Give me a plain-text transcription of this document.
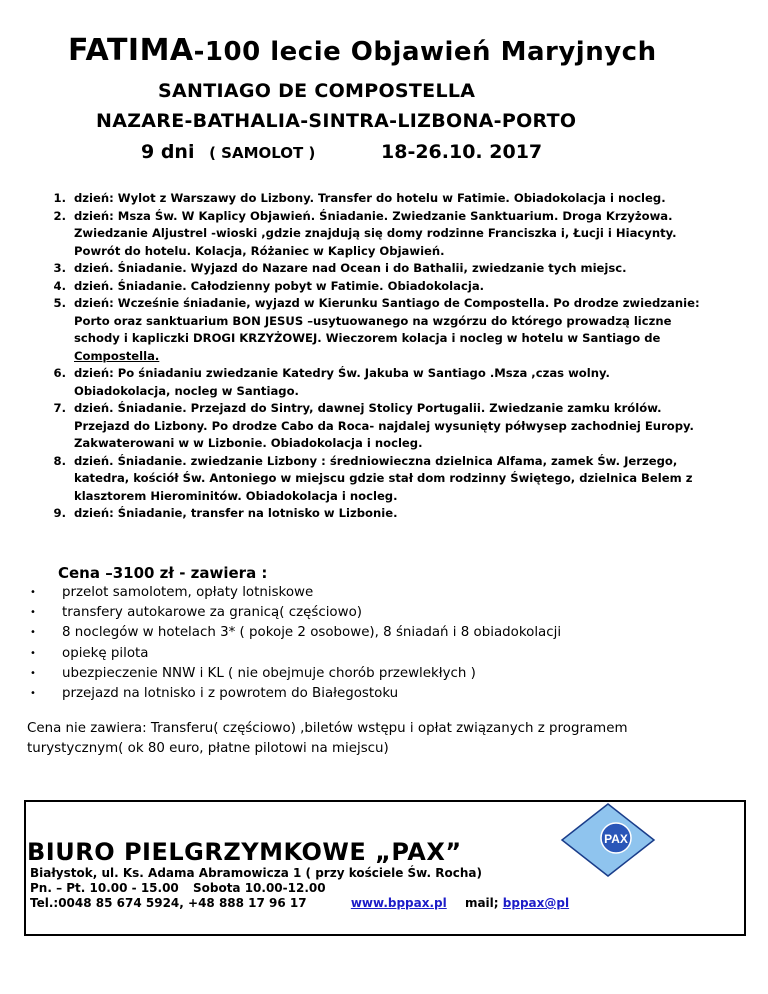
FATIMA-100 lecie Objawień Maryjnych
SANTIAGO DE COMPOSTELLA
NAZARE-BATHALIA-SINTRA-LIZBONA-PORTO
9 dni ( SAMOLOT )	18-26.10. 2017
1. dzień: Wylot z Warszawy do Lizbony. Transfer do hotelu w Fatimie. Obiadokolacja i nocleg.
2. dzień: Msza Św. W Kaplicy Objawień. Śniadanie. Zwiedzanie Sanktuarium. Droga Krzyżowa.
Zwiedzanie Aljustrel -wioski ,gdzie znajdują się domy rodzinne Franciszka i, Łucji i Hiacynty.
Powrót do hotelu. Kolacja, Różaniec w Kaplicy Objawień.
3. dzień. Śniadanie. Wyjazd do Nazare nad Ocean i do Bathalii, zwiedzanie tych miejsc.
4. dzień. Śniadanie. Całodzienny pobyt w Fatimie. Obiadokolacja.
5. dzień: Wcześnie śniadanie, wyjazd w Kierunku Santiago de Compostella. Po drodze zwiedzanie:
Porto oraz sanktuarium BON JESUS –usytuowanego na wzgórzu do którego prowadzą liczne
schody i kapliczki DROGI KRZYŻOWEJ. Wieczorem kolacja i nocleg w hotelu w Santiago de
Compostella.
6. dzień: Po śniadaniu zwiedzanie Katedry Św. Jakuba w Santiago .Msza ,czas wolny.
Obiadokolacja, nocleg w Santiago.
7. dzień. Śniadanie. Przejazd do Sintry, dawnej Stolicy Portugalii. Zwiedzanie zamku królów.
Przejazd do Lizbony. Po drodze Cabo da Roca- najdalej wysunięty półwysep zachodniej Europy.
Zakwaterowani w w Lizbonie. Obiadokolacja i nocleg.
8. dzień. Śniadanie. zwiedzanie Lizbony : średniowieczna dzielnica Alfama, zamek Św. Jerzego,
katedra, kościół Św. Antoniego w miejscu gdzie stał dom rodzinny Świętego, dzielnica Belem z
klasztorem Hierominitów. Obiadokolacja i nocleg.
9. dzień: Śniadanie, transfer na lotnisko w Lizbonie.
Cena –3100 zł - zawiera :
• przelot samolotem, opłaty lotniskowe
• transfery autokarowe za granicą( częściowo)
• 8 noclegów w hotelach 3* ( pokoje 2 osobowe), 8 śniadań i 8 obiadokolacji
• opiekę pilota
• ubezpieczenie NNW i KL ( nie obejmuje chorób przewlekłych )
• przejazd na lotnisko i z powrotem do Białegostoku
Cena nie zawiera: Transferu( częściowo) ,biletów wstępu i opłat związanych z programem turystycznym( ok 80 euro, płatne pilotowi na miejscu)
PAX
BIURO PIELGRZYMKOWE „PAX”
Białystok, ul. Ks. Adama Abramowicza 1 ( przy kościele Św. Rocha)
Pn. – Pt. 10.00 - 15.00 Sobota 10.00-12.00
Tel.:0048 85 674 5924, +48 888 17 96 17	www.bppax.pl mail; bppax@pl
